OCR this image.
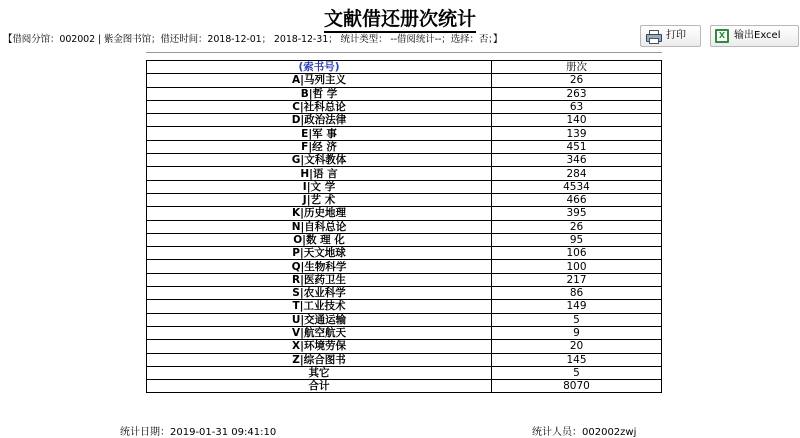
文献借还册次统计
【借阅分馆：002002 | 紫金图书馆；借还时间：2018-12-01； 2018-12-31； 统计类型： --借阅统计--；选择：否；】	打印	X 输出Excel
(索书号)	册次
A|马列主义	26
B|哲 学	263
C|社科总论	63
D|政治法律	140
E|军 事	139
F|经 济	451
G|文科教体	346
H|语 言	284
I|文 学	4534
J|艺 术	466
K|历史地理	395
N|自科总论	26
O|数 理 化	95
P|天文地球	106
Q|生物科学	100
R|医药卫生	217
S|农业科学	86
T|工业技术	149
U|交通运输	5
V|航空航天	9
X|环境劳保	20
Z|综合图书	145
其它	5
合计	8070
统计日期：2019-01-31 09:41:10	统计人员：002002zwj
